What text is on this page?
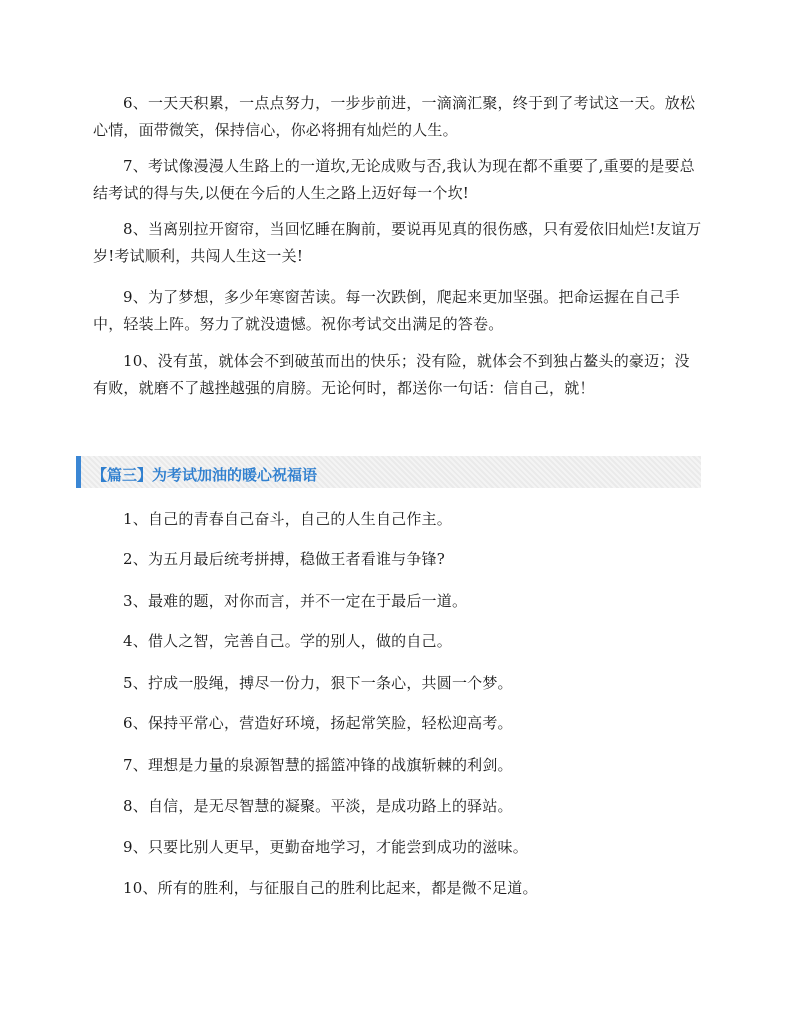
6、一天天积累，一点点努力，一步步前进，一滴滴汇聚，终于到了考试这一天。放松心情，面带微笑，保持信心，你必将拥有灿烂的人生。

7、考试像漫漫人生路上的一道坎,无论成败与否,我认为现在都不重要了,重要的是要总结考试的得与失,以便在今后的人生之路上迈好每一个坎!

8、当离别拉开窗帘，当回忆睡在胸前，要说再见真的很伤感，只有爱依旧灿烂!友谊万岁!考试顺利，共闯人生这一关!

9、为了梦想，多少年寒窗苦读。每一次跌倒，爬起来更加坚强。把命运握在自己手中，轻装上阵。努力了就没遗憾。祝你考试交出满足的答卷。

10、没有茧，就体会不到破茧而出的快乐；没有险，就体会不到独占鳌头的豪迈；没有败，就磨不了越挫越强的肩膀。无论何时，都送你一句话：信自己，就！

【篇三】为考试加油的暖心祝福语

1、自己的青春自己奋斗，自己的人生自己作主。

2、为五月最后统考拼搏，稳做王者看谁与争锋?

3、最难的题，对你而言，并不一定在于最后一道。

4、借人之智，完善自己。学的别人，做的自己。

5、拧成一股绳，搏尽一份力，狠下一条心，共圆一个梦。

6、保持平常心，营造好环境，扬起常笑脸，轻松迎高考。

7、理想是力量的泉源智慧的摇篮冲锋的战旗斩棘的利剑。

8、自信，是无尽智慧的凝聚。平淡，是成功路上的驿站。

9、只要比别人更早，更勤奋地学习，才能尝到成功的滋味。

10、所有的胜利，与征服自己的胜利比起来，都是微不足道。
